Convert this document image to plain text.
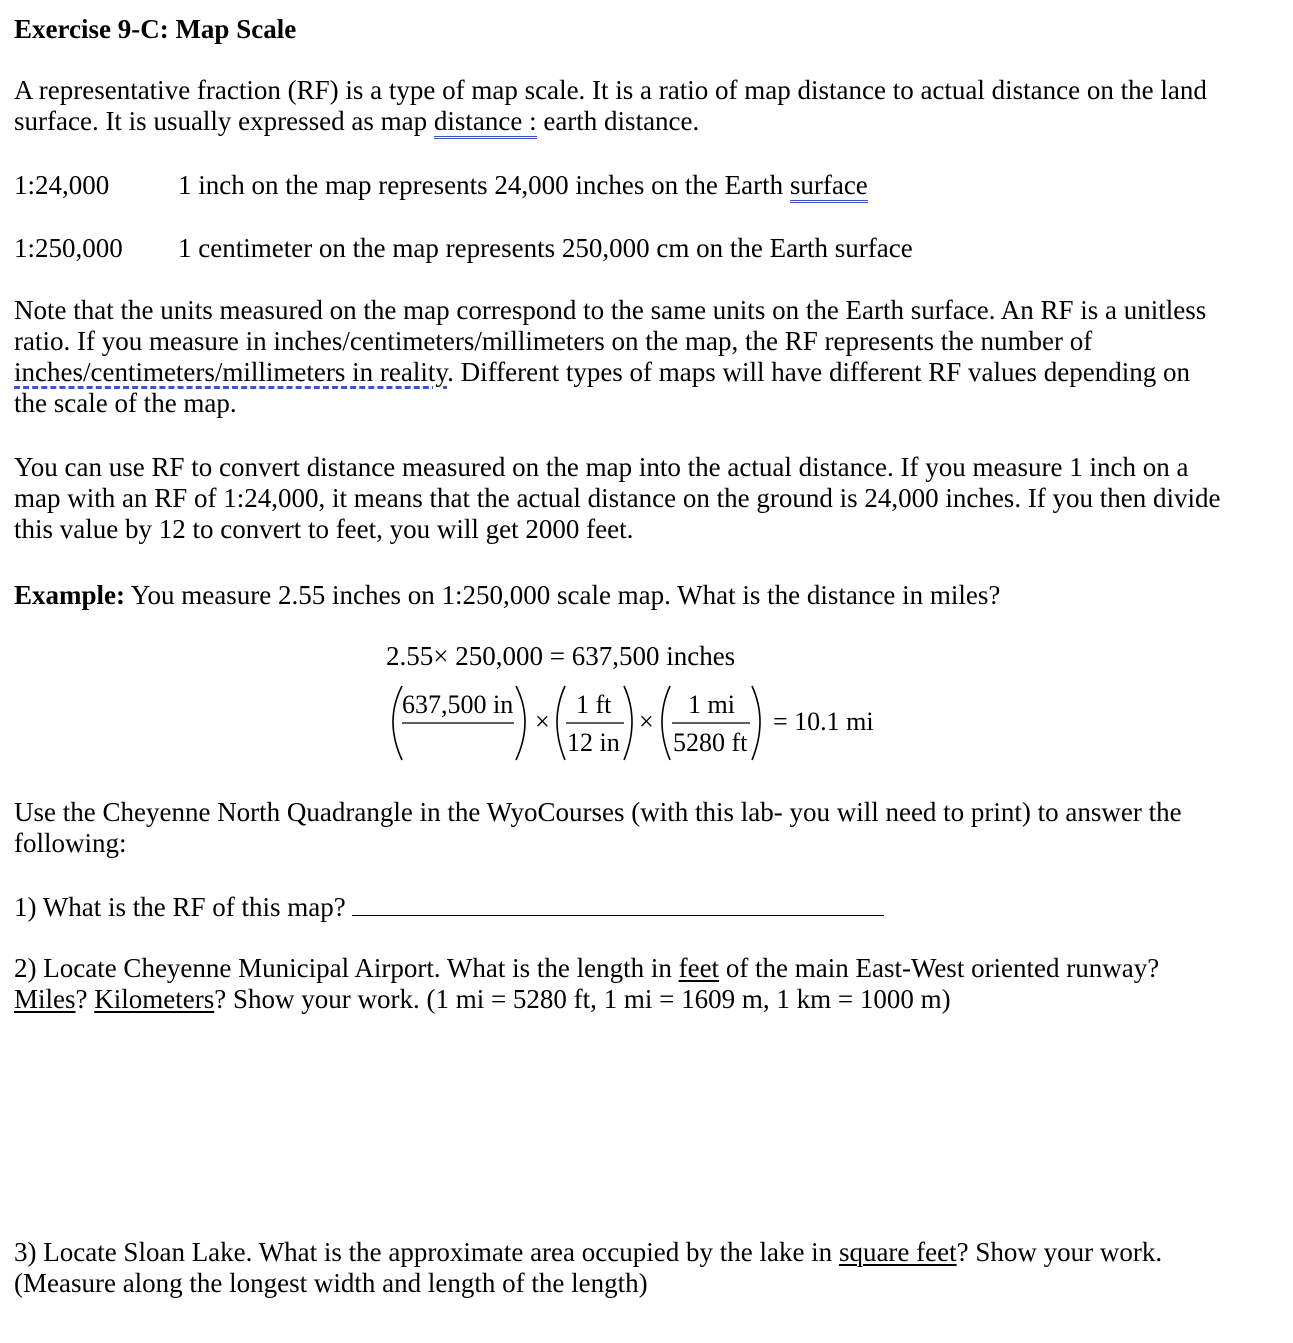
Exercise 9-C: Map Scale
A representative fraction (RF) is a type of map scale. It is a ratio of map distance to actual distance on the land
surface. It is usually expressed as map distance : earth distance.
1:24,000	1 inch on the map represents 24,000 inches on the Earth surface
1:250,000 1 centimeter on the map represents 250,000 cm on the Earth surface
Note that the units measured on the map correspond to the same units on the Earth surface. An RF is a unitless
ratio. If you measure in inches/centimeters/millimeters on the map, the RF represents the number of
inches/centimeters/millimeters in reality. Different types of maps will have different RF values depending on
the scale of the map.
You can use RF to convert distance measured on the map into the actual distance. If you measure 1 inch on a
map with an RF of 1:24,000, it means that the actual distance on the ground is 24,000 inches. If you then divide
this value by 12 to convert to feet, you will get 2000 feet.
Example: You measure 2.55 inches on 1:250,000 scale map. What is the distance in miles?
2.55× 250,000 = 637,500 inches
637,500 in
×
1 ft
12 in
×
1 mi
5280 ft
= 10.1 mi
Use the Cheyenne North Quadrangle in the WyoCourses (with this lab- you will need to print) to answer the
following:
1) What is the RF of this map?
2) Locate Cheyenne Municipal Airport. What is the length in feet of the main East-West oriented runway?
Miles? Kilometers? Show your work. (1 mi = 5280 ft, 1 mi = 1609 m, 1 km = 1000 m)
3) Locate Sloan Lake. What is the approximate area occupied by the lake in square feet? Show your work.
(Measure along the longest width and length of the length)
